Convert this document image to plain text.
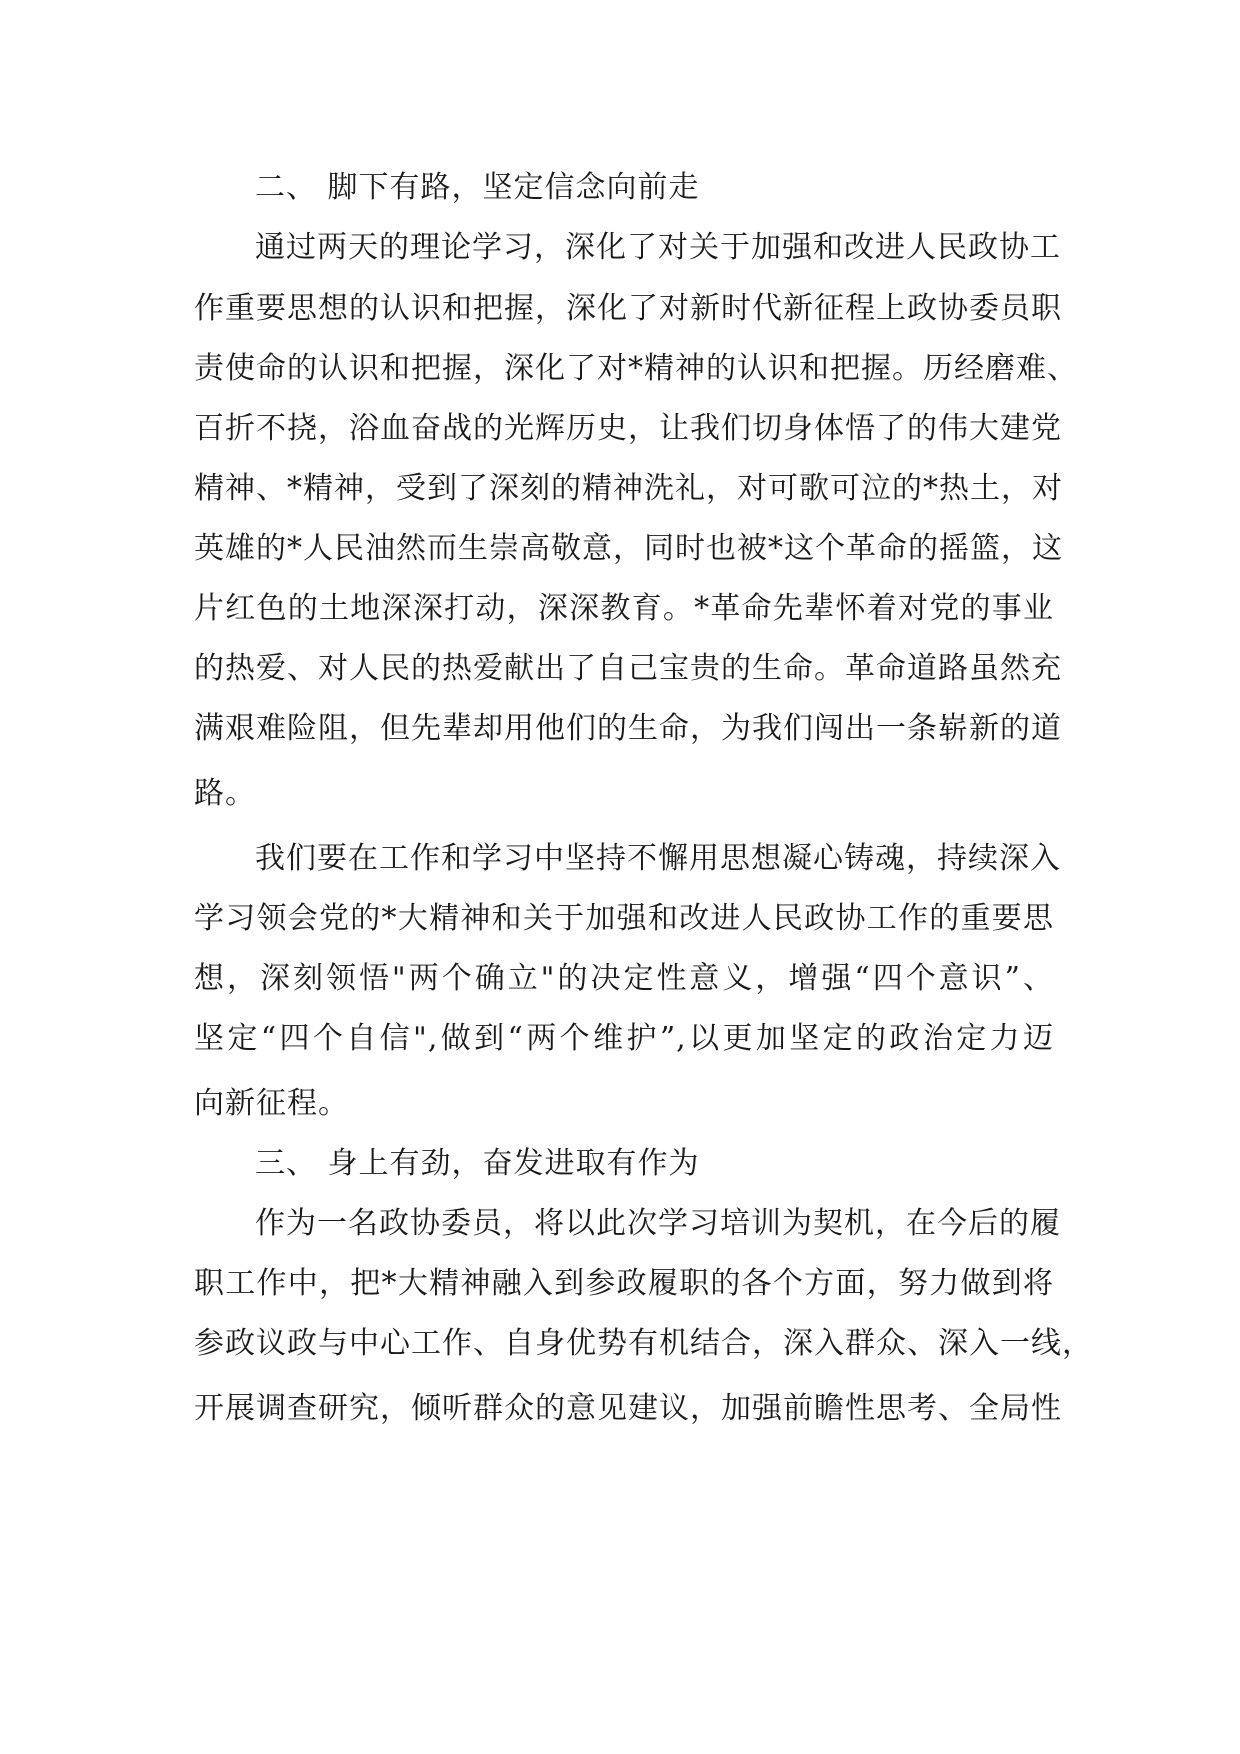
二、 脚下有路，坚定信念向前走
通过两天的理论学习，深化了对关于加强和改进人民政协工
作重要思想的认识和把握，深化了对新时代新征程上政协委员职
责使命的认识和把握，深化了对*精神的认识和把握。历经磨难、
百折不挠，浴血奋战的光辉历史，让我们切身体悟了的伟大建党
精神、*精神，受到了深刻的精神洗礼，对可歌可泣的*热土，对
英雄的*人民油然而生崇高敬意，同时也被*这个革命的摇篮，这
片红色的土地深深打动，深深教育。*革命先辈怀着对党的事业
的热爱、对人民的热爱献出了自己宝贵的生命。革命道路虽然充
满艰难险阻，但先辈却用他们的生命，为我们闯出一条崭新的道
路。
我们要在工作和学习中坚持不懈用思想凝心铸魂，持续深入
学习领会党的*大精神和关于加强和改进人民政协工作的重要思
想，深刻领悟"两个确立"的决定性意义，增强“四个意识”、
坚定“四个自信",做到“两个维护”,以更加坚定的政治定力迈
向新征程。
三、 身上有劲，奋发进取有作为
作为一名政协委员，将以此次学习培训为契机，在今后的履
职工作中，把*大精神融入到参政履职的各个方面，努力做到将
参政议政与中心工作、自身优势有机结合，深入群众、深入一线，
开展调查研究，倾听群众的意见建议，加强前瞻性思考、全局性
